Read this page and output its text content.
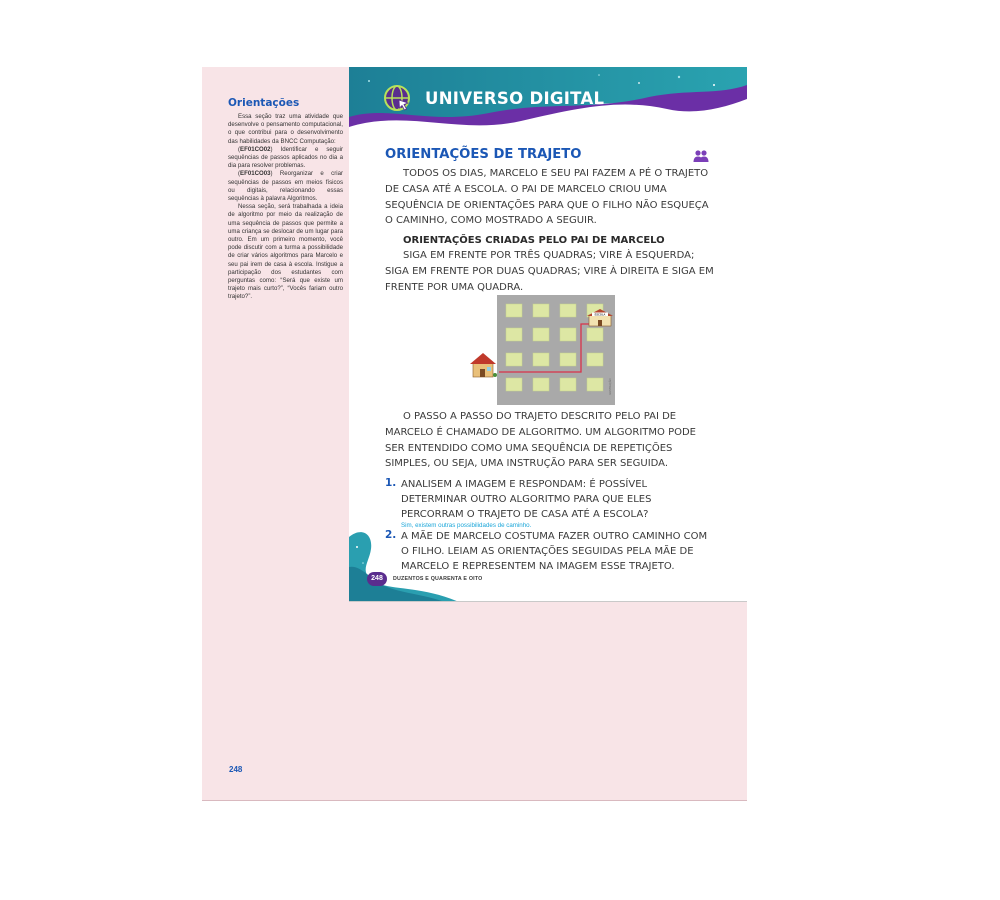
Orientações

Essa seção traz uma atividade que desenvolve o pensamento computacional, o que contribui para o desenvolvimento das habilidades da BNCC Computação:

(EF01CO02) Identificar e seguir sequências de passos aplicados no dia a dia para resolver problemas.

(EF01CO03) Reorganizar e criar sequências de passos em meios físicos ou digitais, relacionando essas sequências à palavra Algoritmos.

Nessa seção, será trabalhada a ideia de algoritmo por meio da realização de uma sequência de passos que permite a uma criança se deslocar de um lugar para outro. Em um primeiro momento, você pode discutir com a turma a possibilidade de criar vários algoritmos para Marcelo e seu pai irem de casa à escola. Instigue a participação dos estudantes com perguntas como: “Será que existe um trajeto mais curto?”, “Vocês fariam outro trajeto?”.

248
UNIVERSO DIGITAL
ORIENTAÇÕES DE TRAJETO

TODOS OS DIAS, MARCELO E SEU PAI FAZEM A PÉ O TRAJETO DE CASA ATÉ A ESCOLA. O PAI DE MARCELO CRIOU UMA SEQUÊNCIA DE ORIENTAÇÕES PARA QUE O FILHO NÃO ESQUEÇA O CAMINHO, COMO MOSTRADO A SEGUIR.

ORIENTAÇÕES CRIADAS PELO PAI DE MARCELO

SIGA EM FRENTE POR TRÊS QUADRAS; VIRE À ESQUERDA; SIGA EM FRENTE POR DUAS QUADRAS; VIRE À DIREITA E SIGA EM FRENTE POR UMA QUADRA.

ESCOLA
ILUSTRAÇÃO

O PASSO A PASSO DO TRAJETO DESCRITO PELO PAI DE MARCELO É CHAMADO DE ALGORITMO. UM ALGORITMO PODE SER ENTENDIDO COMO UMA SEQUÊNCIA DE REPETIÇÕES SIMPLES, OU SEJA, UMA INSTRUÇÃO PARA SER SEGUIDA.

1. ANALISEM A IMAGEM E RESPONDAM: É POSSÍVEL DETERMINAR OUTRO ALGORITMO PARA QUE ELES PERCORRAM O TRAJETO DE CASA ATÉ A ESCOLA?
Sim, existem outras possibilidades de caminho.
2. A MÃE DE MARCELO COSTUMA FAZER OUTRO CAMINHO COM O FILHO. LEIAM AS ORIENTAÇÕES SEGUIDAS PELA MÃE DE MARCELO E REPRESENTEM NA IMAGEM ESSE TRAJETO.
248	DUZENTOS E QUARENTA E OITO
